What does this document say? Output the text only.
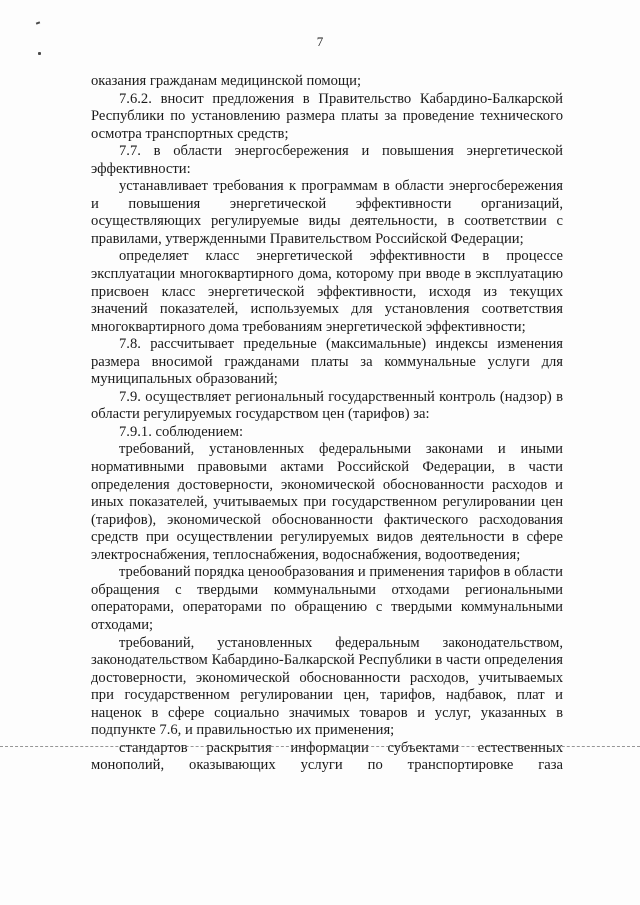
7

оказания гражданам медицинской помощи;

7.6.2. вносит предложения в Правительство Кабардино-Балкарской Республики по установлению размера платы за проведение технического осмотра транспортных средств;

7.7. в области энергосбережения и повышения энергетической эффективности:

устанавливает требования к программам в области энергосбережения и повышения энергетической эффективности организаций, осуществляющих регулируемые виды деятельности, в соответствии с правилами, утвержденными Правительством Российской Федерации;

определяет класс энергетической эффективности в процессе эксплуатации многоквартирного дома, которому при вводе в эксплуатацию присвоен класс энергетической эффективности, исходя из текущих значений показателей, используемых для установления соответствия многоквартирного дома требованиям энергетической эффективности;

7.8. рассчитывает предельные (максимальные) индексы изменения размера вносимой гражданами платы за коммунальные услуги для муниципальных образований;

7.9. осуществляет региональный государственный контроль (надзор) в области регулируемых государством цен (тарифов) за:

7.9.1. соблюдением:

требований, установленных федеральными законами и иными нормативными правовыми актами Российской Федерации, в части определения достоверности, экономической обоснованности расходов и иных показателей, учитываемых при государственном регулировании цен (тарифов), экономической обоснованности фактического расходования средств при осуществлении регулируемых видов деятельности в сфере электроснабжения, теплоснабжения, водоснабжения, водоотведения;

требований порядка ценообразования и применения тарифов в области обращения с твердыми коммунальными отходами региональными операторами, операторами по обращению с твердыми коммунальными отходами;

требований, установленных федеральным законодательством, законодательством Кабардино-Балкарской Республики в части определения достоверности, экономической обоснованности расходов, учитываемых при государственном регулировании цен, тарифов, надбавок, плат и наценок в сфере социально значимых товаров и услуг, указанных в подпункте 7.6, и правильностью их применения;

стандартов раскрытия информации субъектами естественных монополий, оказывающих услуги по транспортировке газа
